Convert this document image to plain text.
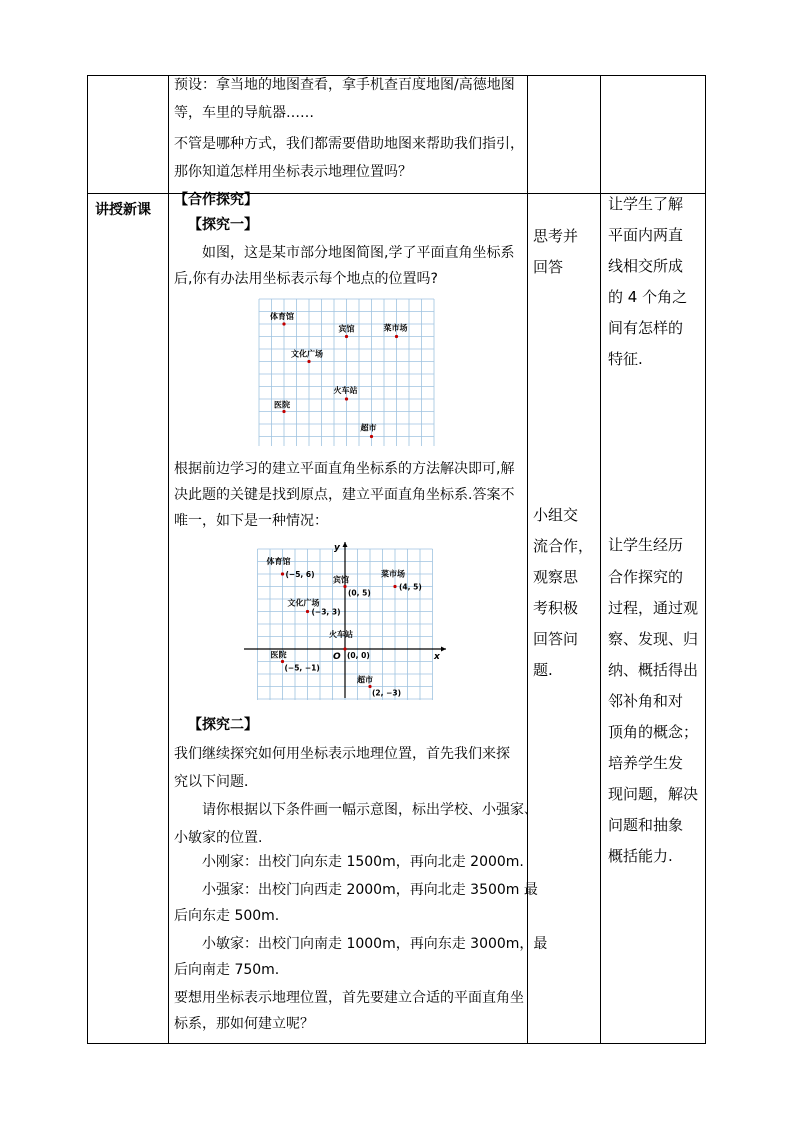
预设：拿当地的地图查看，拿手机查百度地图/高德地图
等，车里的导航器……
不管是哪种方式，我们都需要借助地图来帮助我们指引，
那你知道怎样用坐标表示地理位置吗？
讲授新课
【合作探究】
【探究一】
如图，这是某市部分地图简图,学了平面直角坐标系
后,你有办法用坐标表示每个地点的位置吗?
体育馆
宾馆	菜市场
文化广场
火车站
医院
超市
根据前边学习的建立平面直角坐标系的方法解决即可,解
决此题的关键是找到原点，建立平面直角坐标系.答案不
唯一，如下是一种情况：
x
y
O
体育馆
(−5, 6)
宾馆
(0, 5)
菜市场
(4, 5)
文化广场
(−3, 3)
火车站
(0, 0)
医院
(−5, −1)
超市
(2, −3)
【探究二】
我们继续探究如何用坐标表示地理位置，首先我们来探
究以下问题．
请你根据以下条件画一幅示意图，标出学校、小强家、
小敏家的位置.
小刚家：出校门向东走 1500m，再向北走 2000m.
小强家：出校门向西走 2000m，再向北走 3500m 最
后向东走 500m.
小敏家：出校门向南走 1000m，再向东走 3000m，最
后向南走 750m.
要想用坐标表示地理位置，首先要建立合适的平面直角坐
标系，那如何建立呢？
思考并
回答
小组交
流合作，
观察思
考积极
回答问
题.
让学生了解
平面内两直
线相交所成
的 4 个角之
间有怎样的
特征.
让学生经历
合作探究的
过程，通过观
察、发现、归
纳、概括得出
邻补角和对
顶角的概念；
培养学生发
现问题，解决
问题和抽象
概括能力.
